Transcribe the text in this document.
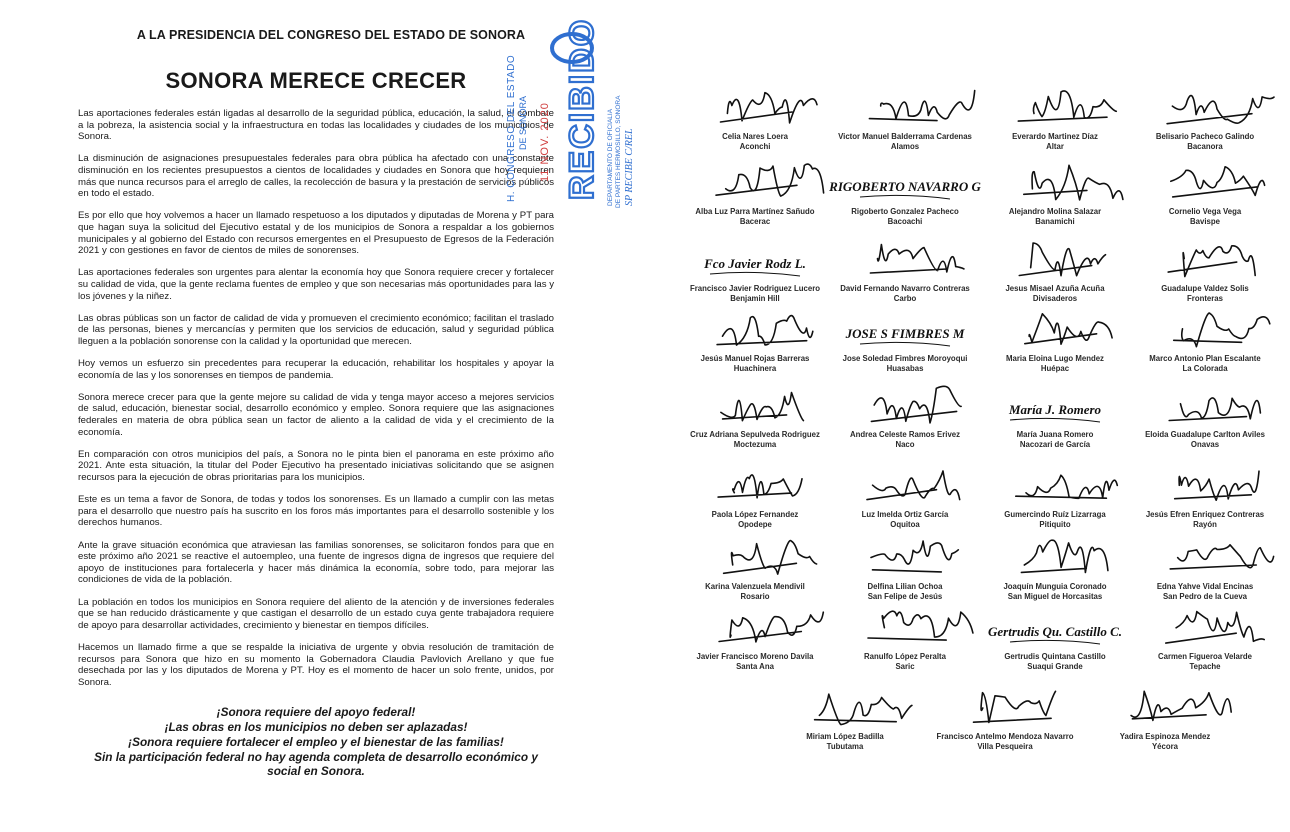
A LA PRESIDENCIA DEL CONGRESO DEL ESTADO DE SONORA
SONORA MERECE CRECER

Las aportaciones federales están ligadas al desarrollo de la seguridad pública, educación, la salud, el combate a la pobreza, la asistencia social y la infraestructura en todas las localidades y ciudades de los municipios de Sonora.

La disminución de asignaciones presupuestales federales para obra pública ha afectado con una constante disminución en los recientes presupuestos a cientos de localidades y ciudades en Sonora que hoy requieren más que nunca recursos para el arreglo de calles, la recolección de basura y la prestación de servicios públicos en todo el estado.

Es por ello que hoy volvemos a hacer un llamado respetuoso a los diputados y diputadas de Morena y PT para que hagan suya la solicitud del Ejecutivo estatal y de los municipios de Sonora a respaldar a los gobiernos municipales y al gobierno del Estado con recursos emergentes en el Presupuesto de Egresos de la Federación 2021 y con gestiones en favor de cientos de miles de sonorenses.

Las aportaciones federales son urgentes para alentar la economía hoy que Sonora requiere crecer y fortalecer su calidad de vida, que la gente reclama fuentes de empleo y que son necesarias más oportunidades para las y los jóvenes y la niñez.

Las obras públicas son un factor de calidad de vida y promueven el crecimiento económico; facilitan el traslado de las personas, bienes y mercancías y permiten que los servicios de educación, salud y seguridad pública lleguen a la población sonorense con la calidad y la oportunidad que merecen.

Hoy vemos un esfuerzo sin precedentes para recuperar la educación, rehabilitar los hospitales y apoyar la economía de las y los sonorenses en tiempos de pandemia.

Sonora merece crecer para que la gente mejore su calidad de vida y tenga mayor acceso a mejores servicios de salud, educación, bienestar social, desarrollo económico y empleo. Sonora requiere que las asignaciones federales en materia de obra pública sean un factor de aliento a la calidad de vida y el crecimiento de la economía.

En comparación con otros municipios del país, a Sonora no le pinta bien el panorama en este próximo año 2021. Ante esta situación, la titular del Poder Ejecutivo ha presentado iniciativas solicitando que se asignen recursos para la ejecución de obras prioritarias para los municipios.

Este es un tema a favor de Sonora, de todas y todos los sonorenses. Es un llamado a cumplir con las metas para el desarrollo que nuestro país ha suscrito en los foros más importantes para el desarrollo sostenible y los derechos humanos.

Ante la grave situación económica que atraviesan las familias sonorenses, se solicitaron fondos para que en este próximo año 2021 se reactive el autoempleo, una fuente de ingresos digna de ingresos que requiere del apoyo de instituciones para fortalecerla y hacer más dinámica la economía, sobre todo, para mejorar las condiciones de vida de la población.

La población en todos los municipios en Sonora requiere del aliento de la atención y de inversiones federales que se han reducido drásticamente y que castigan el desarrollo de un estado cuya gente trabajadora requiere de apoyo para desarrollar actividades, crecimiento y bienestar en tiempos difíciles.

Hacemos un llamado firme a que se respalde la iniciativa de urgente y obvia resolución de tramitación de recursos para Sonora que hizo en su momento la Gobernadora Claudia Pavlovich Arellano y que fue desechada por las y los diputados de Morena y PT. Hoy es el momento de hacer un solo frente, unidos, por Sonora.

¡Sonora requiere del apoyo federal!
¡Las obras en los municipios no deben ser aplazadas!
¡Sonora requiere fortalecer el empleo y el bienestar de las familias!
Sin la participación federal no hay agenda completa de desarrollo económico y social en Sonora.
RECIBIDO
H. CONGRESO DEL ESTADO DE SONORA 11 NOV. 2020	DEPARTAMENTO DE OFICIALIA DE PARTES HERMOSILLO, SONORA SP RECIBE C/REL	Celia Nares Loera
Aconchi
Victor Manuel Balderrama Cardenas
Alamos
Everardo Martinez Díaz
Altar
Belisario Pacheco Galindo
Bacanora
Alba Luz Parra Martínez Sañudo
Bacerac
RIGOBERTO NAVARRO G
Rigoberto Gonzalez Pacheco
Bacoachi
Alejandro Molina Salazar
Banamichi
Cornelio Vega Vega
Bavispe
Fco Javier Rodz L.
Francisco Javier Rodriguez Lucero
Benjamin Hill
David Fernando Navarro Contreras
Carbo
Jesus Misael Azuña Acuña
Divisaderos
Guadalupe Valdez Solis
Fronteras
Jesús Manuel Rojas Barreras
Huachinera
JOSE S FIMBRES M
Jose Soledad Fimbres Moroyoqui
Huasabas
Maria Eloina Lugo Mendez
Huépac
Marco Antonio Plan Escalante
La Colorada
Cruz Adriana Sepulveda Rodriguez
Moctezuma
Andrea Celeste Ramos Erivez
Naco
María J. Romero
María Juana Romero
Nacozari de García
Eloida Guadalupe Carlton Aviles
Onavas
Paola López Fernandez
Opodepe
Luz Imelda Ortiz García
Oquitoa
Gumercindo Ruíz Lizarraga
Pitiquito
Jesús Efren Enriquez Contreras
Rayón
Karina Valenzuela Mendivil
Rosario
Delfina Lilian Ochoa
San Felipe de Jesús
Joaquín Munguia Coronado
San Miguel de Horcasitas
Edna Yahve Vidal Encinas
San Pedro de la Cueva
Javier Francisco Moreno Davila
Santa Ana
Ranulfo López Peralta
Saric
Gertrudis Qu. Castillo C.
Gertrudis Quintana Castillo
Suaqui Grande
Carmen Figueroa Velarde
Tepache
Miriam López Badilla
Tubutama
Francisco Antelmo Mendoza Navarro
Villa Pesqueira
Yadira Espinoza Mendez
Yécora
